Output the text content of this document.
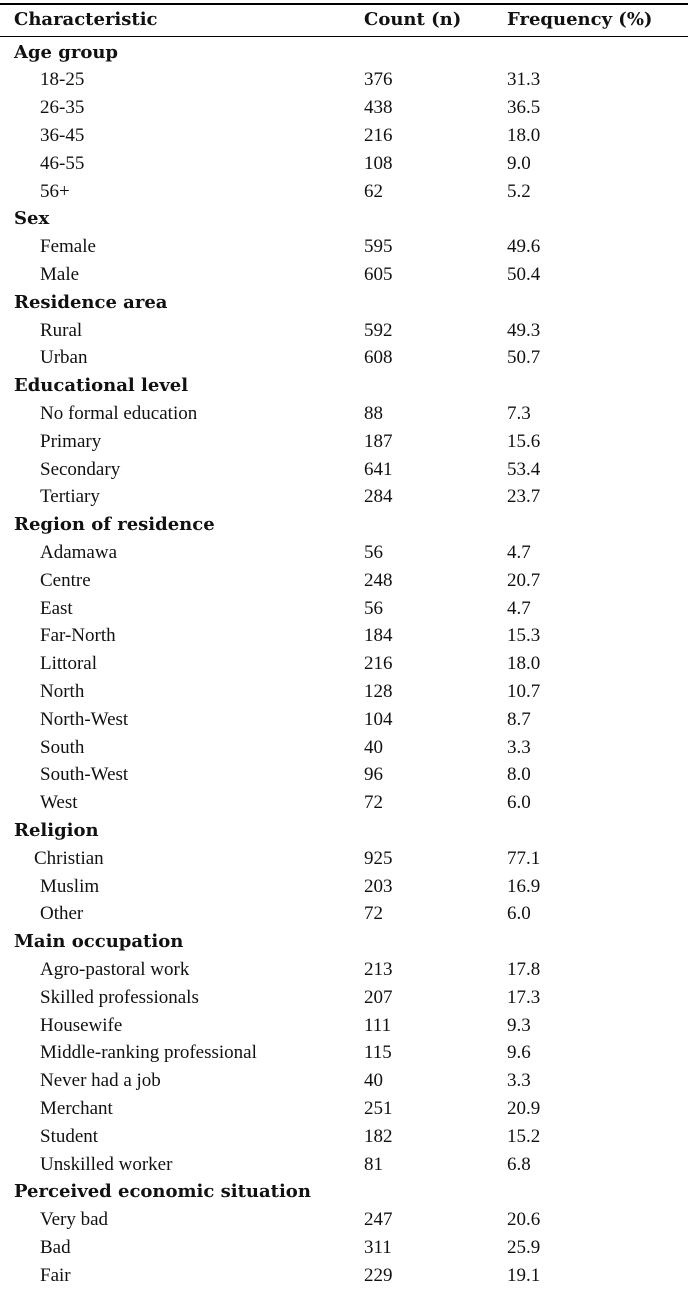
Characteristic	Count (n)	Frequency (%)
Age group
18-25	376	31.3
26-35	438	36.5
36-45	216	18.0
46-55	108	9.0
56+	62	5.2
Sex
Female	595	49.6
Male	605	50.4
Residence area
Rural	592	49.3
Urban	608	50.7
Educational level
No formal education	88	7.3
Primary	187	15.6
Secondary	641	53.4
Tertiary	284	23.7
Region of residence
Adamawa	56	4.7
Centre	248	20.7
East	56	4.7
Far-North	184	15.3
Littoral	216	18.0
North	128	10.7
North-West	104	8.7
South	40	3.3
South-West	96	8.0
West	72	6.0
Religion
Christian	925	77.1
Muslim	203	16.9
Other	72	6.0
Main occupation
Agro-pastoral work	213	17.8
Skilled professionals	207	17.3
Housewife	111	9.3
Middle-ranking professional	115	9.6
Never had a job	40	3.3
Merchant	251	20.9
Student	182	15.2
Unskilled worker	81	6.8
Perceived economic situation
Very bad	247	20.6
Bad	311	25.9
Fair	229	19.1
